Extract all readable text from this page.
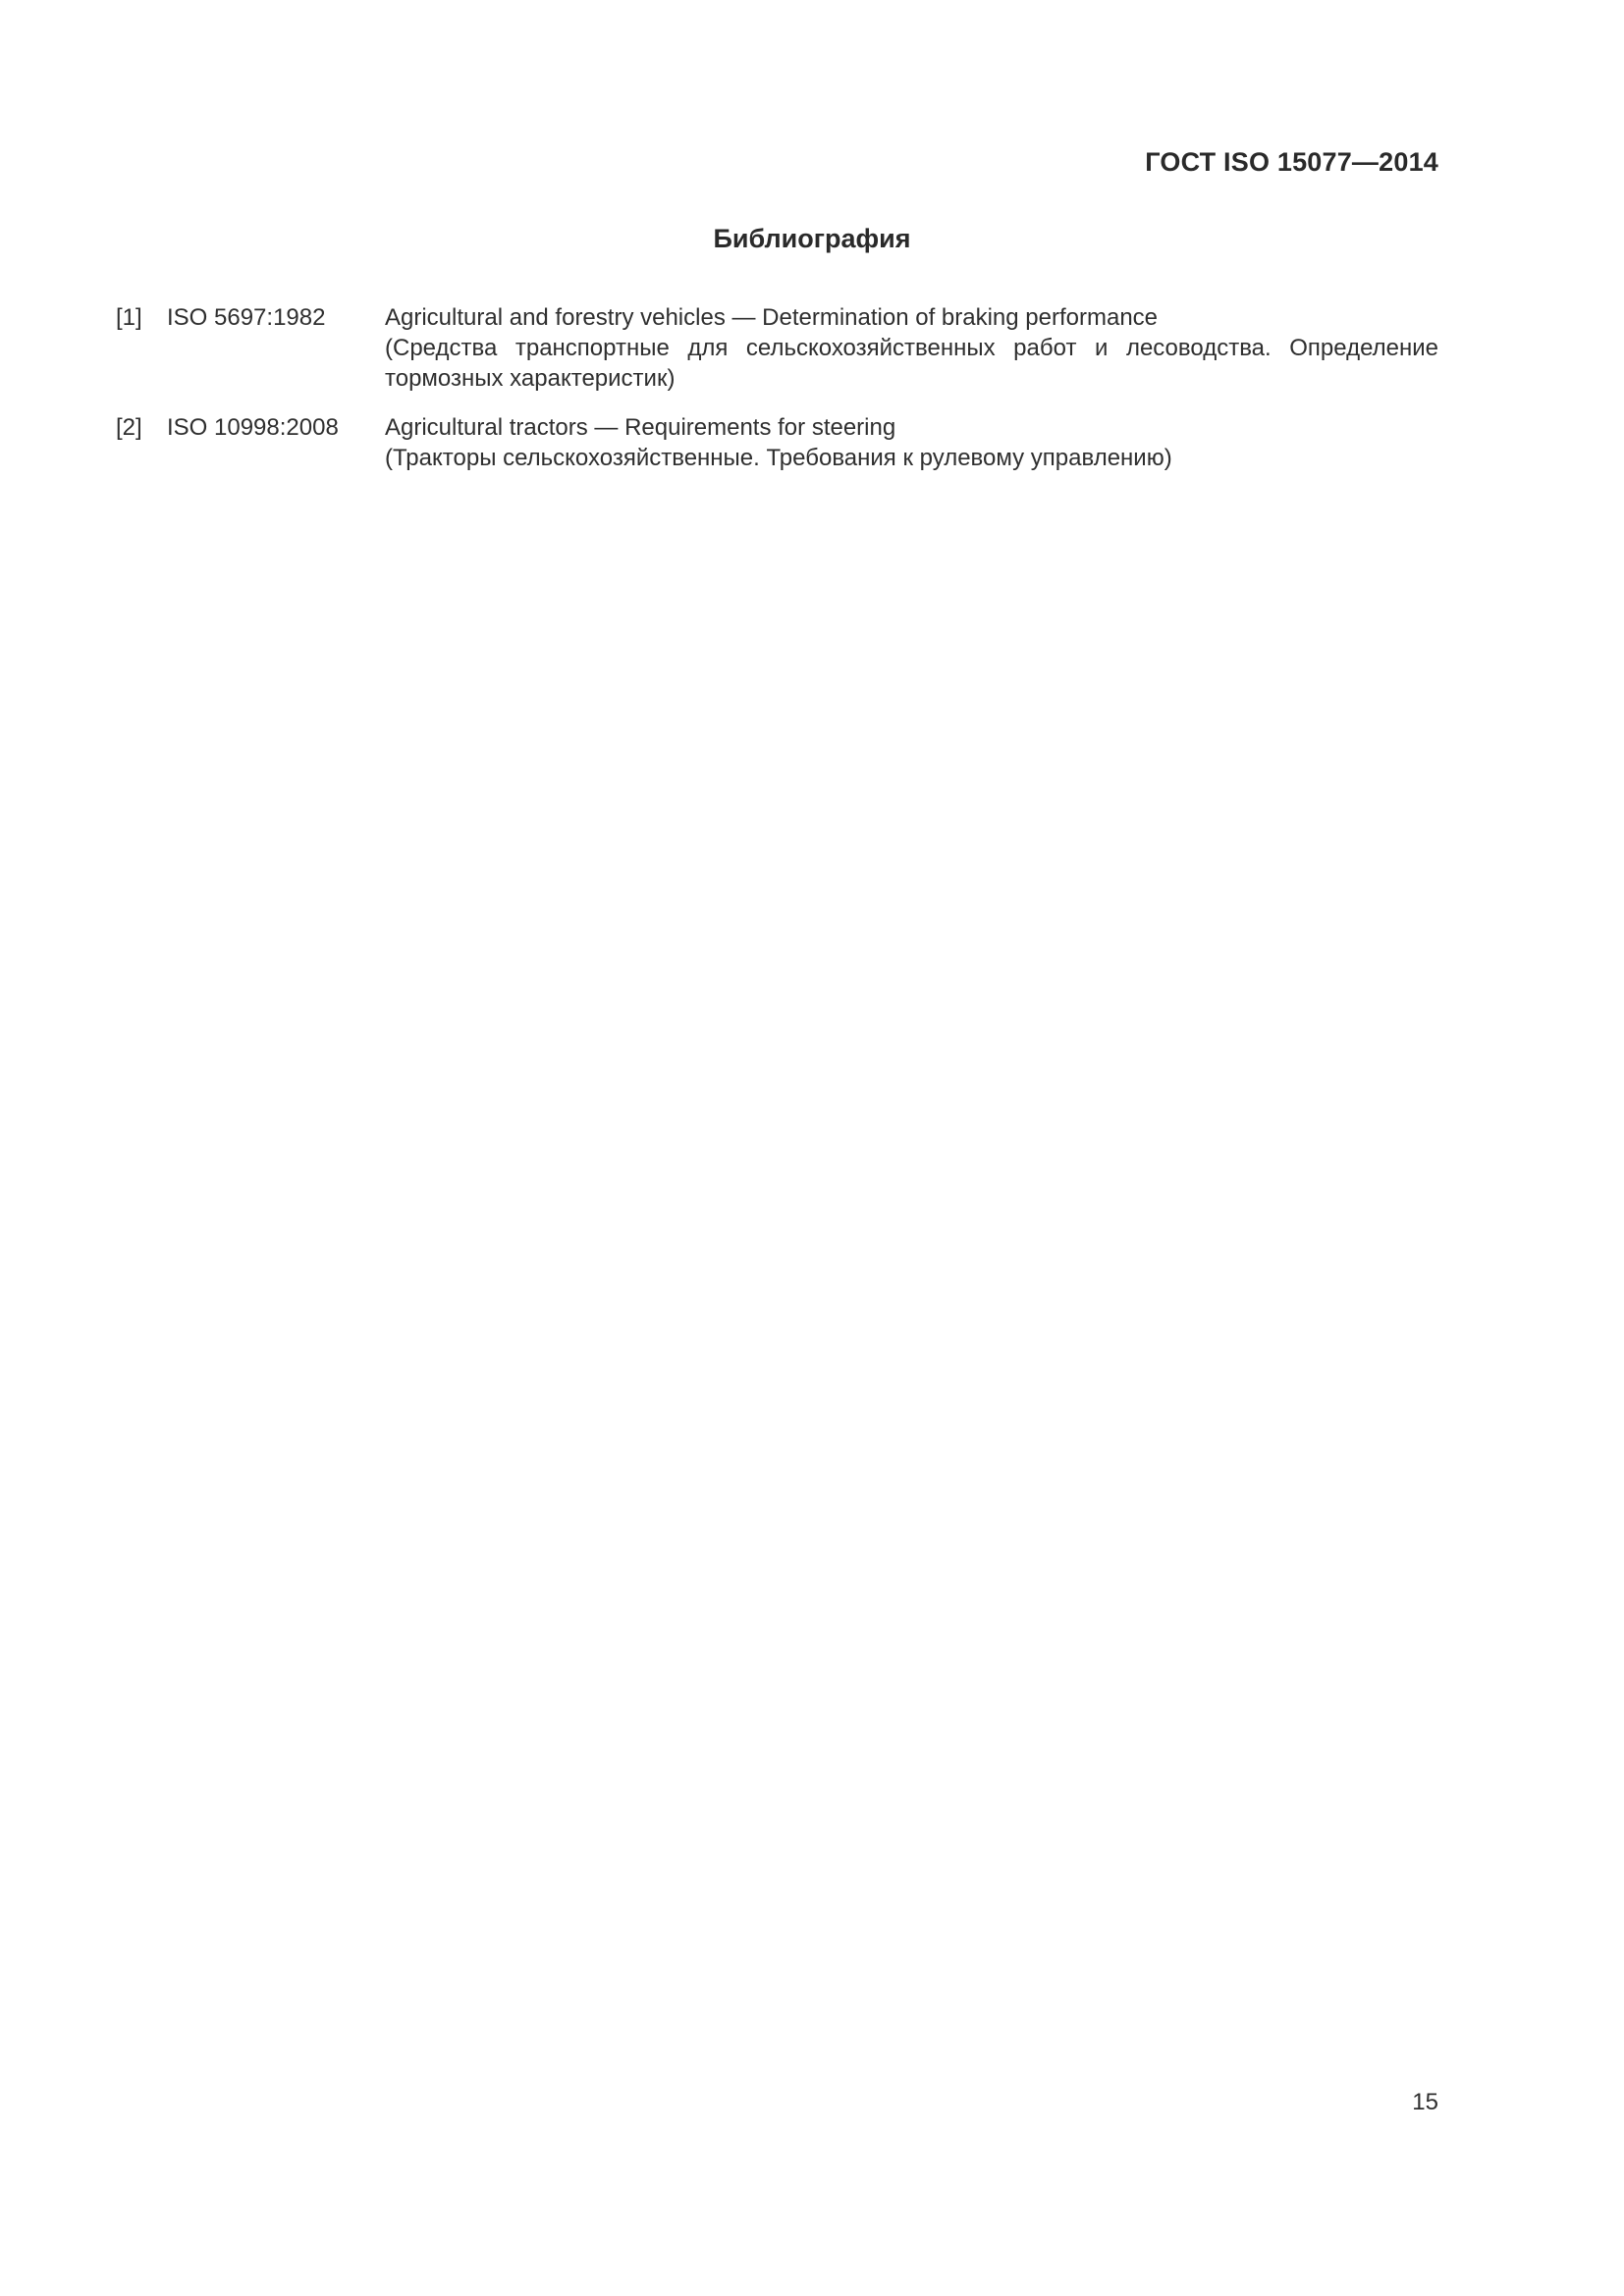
ГОСТ ISO 15077—2014
Библиография
[1]	ISO 5697:1982	Agricultural and forestry vehicles — Determination of braking performance
(Средства транспортные для сельскохозяйственных работ и лесоводства. Определение тормозных характеристик)
[2]	ISO 10998:2008	Agricultural tractors — Requirements for steering
(Тракторы сельскохозяйственные. Требования к рулевому управлению)
15
